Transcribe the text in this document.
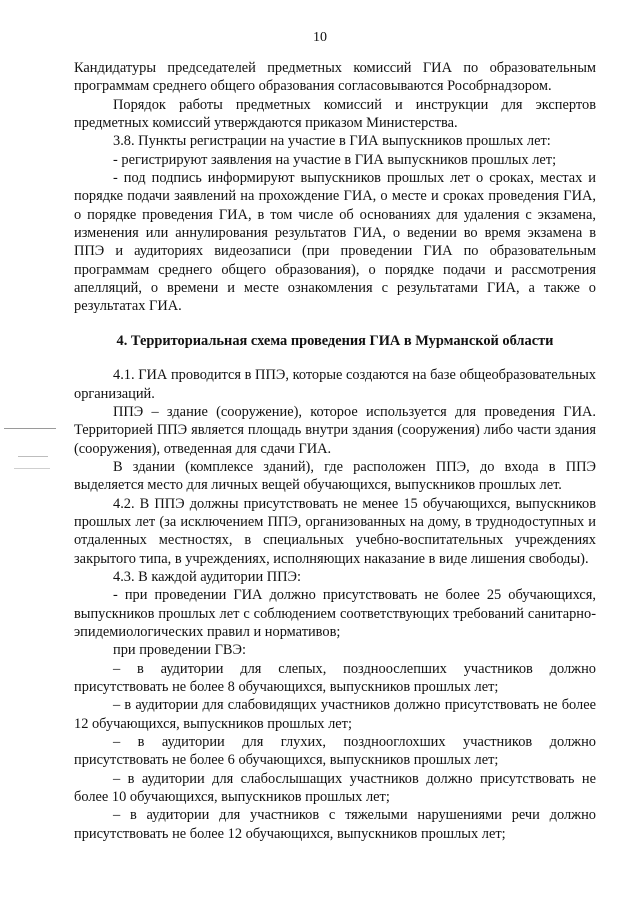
10

Кандидатуры председателей предметных комиссий ГИА по образовательным программам среднего общего образования согласовываются Рособрнадзором.

Порядок работы предметных комиссий и инструкции для экспертов предметных комиссий утверждаются приказом Министерства.

3.8. Пункты регистрации на участие в ГИА выпускников прошлых лет:

- регистрируют заявления на участие в ГИА выпускников прошлых лет;

- под подпись информируют выпускников прошлых лет о сроках, местах и порядке подачи заявлений на прохождение ГИА, о месте и сроках проведения ГИА, о порядке проведения ГИА, в том числе об основаниях для удаления с экзамена, изменения или аннулирования результатов ГИА, о ведении во время экзамена в ППЭ и аудиториях видеозаписи (при проведении ГИА по образовательным программам среднего общего образования), о порядке подачи и рассмотрения апелляций, о времени и месте ознакомления с результатами ГИА, а также о результатах ГИА.

4. Территориальная схема проведения ГИА в Мурманской области

4.1. ГИА проводится в ППЭ, которые создаются на базе общеобразовательных организаций.

ППЭ – здание (сооружение), которое используется для проведения ГИА. Территорией ППЭ является площадь внутри здания (сооружения) либо части здания (сооружения), отведенная для сдачи ГИА.

В здании (комплексе зданий), где расположен ППЭ, до входа в ППЭ выделяется место для личных вещей обучающихся, выпускников прошлых лет.

4.2. В ППЭ должны присутствовать не менее 15 обучающихся, выпускников прошлых лет (за исключением ППЭ, организованных на дому, в труднодоступных и отдаленных местностях, в специальных учебно-воспитательных учреждениях закрытого типа, в учреждениях, исполняющих наказание в виде лишения свободы).

4.3. В каждой аудитории ППЭ:

- при проведении ГИА должно присутствовать не более 25 обучающихся, выпускников прошлых лет с соблюдением соответствующих требований санитарно-эпидемиологических правил и нормативов;

при проведении ГВЭ:

– в аудитории для слепых, поздноослепших участников должно присутствовать не более 8 обучающихся, выпускников прошлых лет;

– в аудитории для слабовидящих участников должно присутствовать не более 12 обучающихся, выпускников прошлых лет;

– в аудитории для глухих, позднооглохших участников должно присутствовать не более 6 обучающихся, выпускников прошлых лет;

– в аудитории для слабослышащих участников должно присутствовать не более 10 обучающихся, выпускников прошлых лет;

– в аудитории для участников с тяжелыми нарушениями речи должно присутствовать не более 12 обучающихся, выпускников прошлых лет;
